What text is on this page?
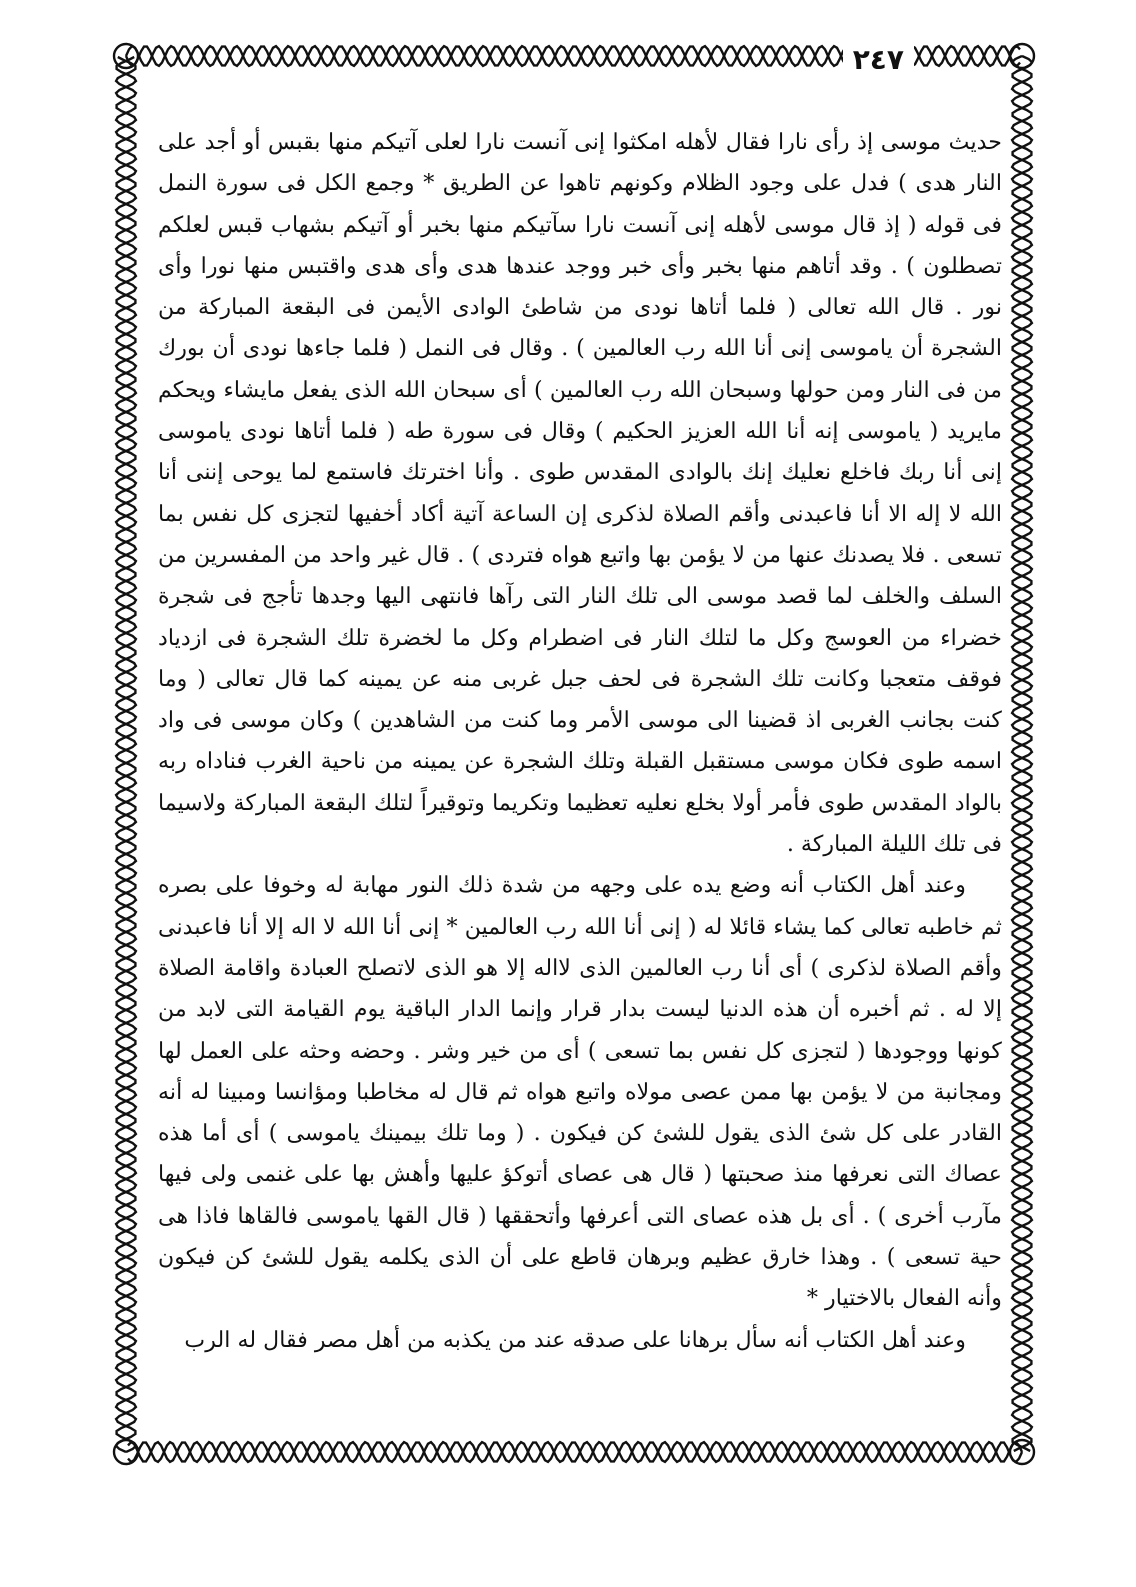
٢٤٧

حديث موسى إذ رأى نارا فقال لأهله امكثوا إنى آنست نارا لعلى آتيكم منها بقبس أو أجد على النار هدى ) فدل على وجود الظلام وكونهم تاهوا عن الطريق * وجمع الكل فى سورة النمل فى قوله ( إذ قال موسى لأهله إنى آنست نارا سآتيكم منها بخبر أو آتيكم بشهاب قبس لعلكم تصطلون ) . وقد أتاهم منها بخبر وأى خبر ووجد عندها هدى وأى هدى واقتبس منها نورا وأى نور . قال الله تعالى ( فلما أتاها نودى من شاطئ الوادى الأيمن فى البقعة المباركة من الشجرة أن ياموسى إنى أنا الله رب العالمين ) . وقال فى النمل ( فلما جاءها نودى أن بورك من فى النار ومن حولها وسبحان الله رب العالمين ) أى سبحان الله الذى يفعل مايشاء ويحكم مايريد ( ياموسى إنه أنا الله العزيز الحكيم ) وقال فى سورة طه ( فلما أتاها نودى ياموسى إنى أنا ربك فاخلع نعليك إنك بالوادى المقدس طوى . وأنا اخترتك فاستمع لما يوحى إننى أنا الله لا إله الا أنا فاعبدنى وأقم الصلاة لذكرى إن الساعة آتية أكاد أخفيها لتجزى كل نفس بما تسعى . فلا يصدنك عنها من لا يؤمن بها واتبع هواه فتردى ) . قال غير واحد من المفسرين من السلف والخلف لما قصد موسى الى تلك النار التى رآها فانتهى اليها وجدها تأجج فى شجرة خضراء من العوسج وكل ما لتلك النار فى اضطرام وكل ما لخضرة تلك الشجرة فى ازدياد فوقف متعجبا وكانت تلك الشجرة فى لحف جبل غربى منه عن يمينه كما قال تعالى ( وما كنت بجانب الغربى اذ قضينا الى موسى الأمر وما كنت من الشاهدين ) وكان موسى فى واد اسمه طوى فكان موسى مستقبل القبلة وتلك الشجرة عن يمينه من ناحية الغرب فناداه ربه بالواد المقدس طوى فأمر أولا بخلع نعليه تعظيما وتكريما وتوقيراً لتلك البقعة المباركة ولاسيما فى تلك الليلة المباركة .

وعند أهل الكتاب أنه وضع يده على وجهه من شدة ذلك النور مهابة له وخوفا على بصره ثم خاطبه تعالى كما يشاء قائلا له ( إنى أنا الله رب العالمين * إنى أنا الله لا اله إلا أنا فاعبدنى وأقم الصلاة لذكرى ) أى أنا رب العالمين الذى لااله إلا هو الذى لاتصلح العبادة واقامة الصلاة إلا له . ثم أخبره أن هذه الدنيا ليست بدار قرار وإنما الدار الباقية يوم القيامة التى لابد من كونها ووجودها ( لتجزى كل نفس بما تسعى ) أى من خير وشر . وحضه وحثه على العمل لها ومجانبة من لا يؤمن بها ممن عصى مولاه واتبع هواه ثم قال له مخاطبا ومؤانسا ومبينا له أنه القادر على كل شئ الذى يقول للشئ كن فيكون . ( وما تلك بيمينك ياموسى ) أى أما هذه عصاك التى نعرفها منذ صحبتها ( قال هى عصاى أتوكؤ عليها وأهش بها على غنمى ولى فيها مآرب أخرى ) . أى بل هذه عصاى التى أعرفها وأتحققها ( قال القها ياموسى فالقاها فاذا هى حية تسعى ) . وهذا خارق عظيم وبرهان قاطع على أن الذى يكلمه يقول للشئ كن فيكون وأنه الفعال بالاختيار *

وعند أهل الكتاب أنه سأل برهانا على صدقه عند من يكذبه من أهل مصر فقال له الرب
